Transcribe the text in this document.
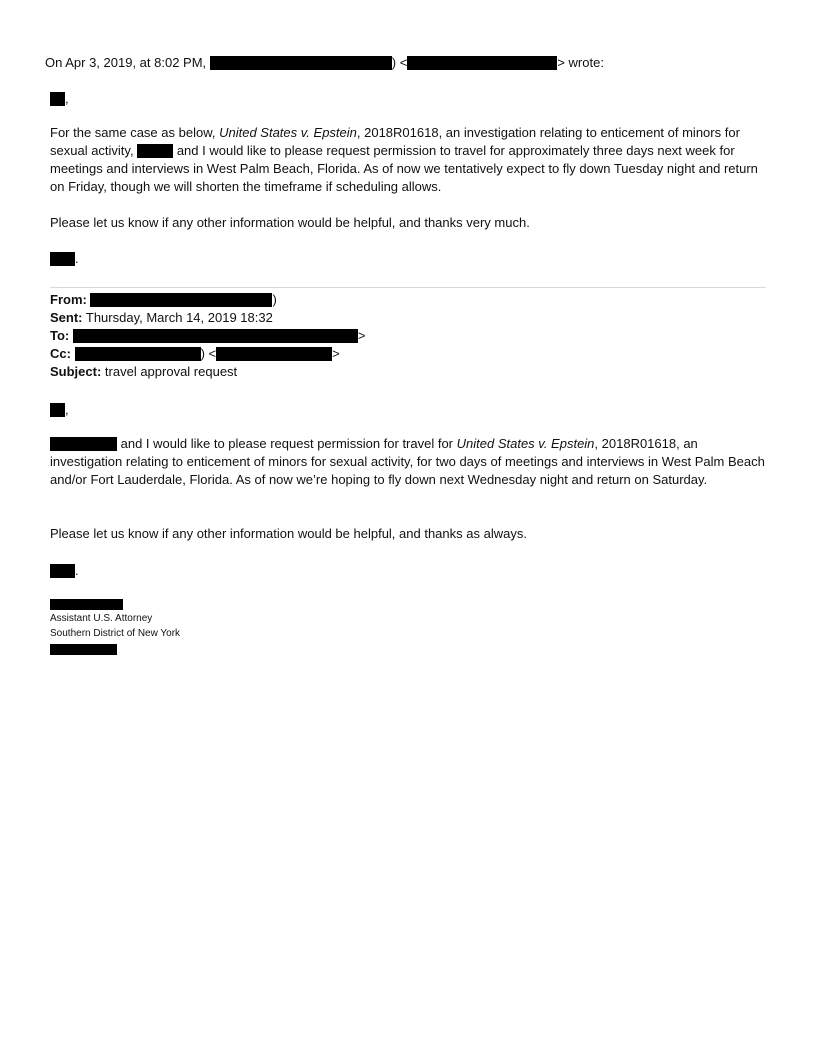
On Apr 3, 2019, at 8:02 PM,	) <	> wrote:
,
For the same case as below, United States v. Epstein, 2018R01618, an investigation relating to enticement of minors for sexual activity,	and I would like to please request permission to travel for approximately three days next week for meetings and interviews in West Palm Beach, Florida. As of now we tentatively expect to fly down Tuesday night and return on Friday, though we will shorten the timeframe if scheduling allows.
Please let us know if any other information would be helpful, and thanks very much.
.
From:	)
Sent: Thursday, March 14, 2019 18:32
To:	>
Cc:	) <	>
Subject: travel approval request
,
and I would like to please request permission for travel for United States v. Epstein, 2018R01618, an investigation relating to enticement of minors for sexual activity, for two days of meetings and interviews in West Palm Beach and/or Fort Lauderdale, Florida. As of now we’re hoping to fly down next Wednesday night and return on Saturday.
Please let us know if any other information would be helpful, and thanks as always.
.
Assistant U.S. Attorney
Southern District of New York
